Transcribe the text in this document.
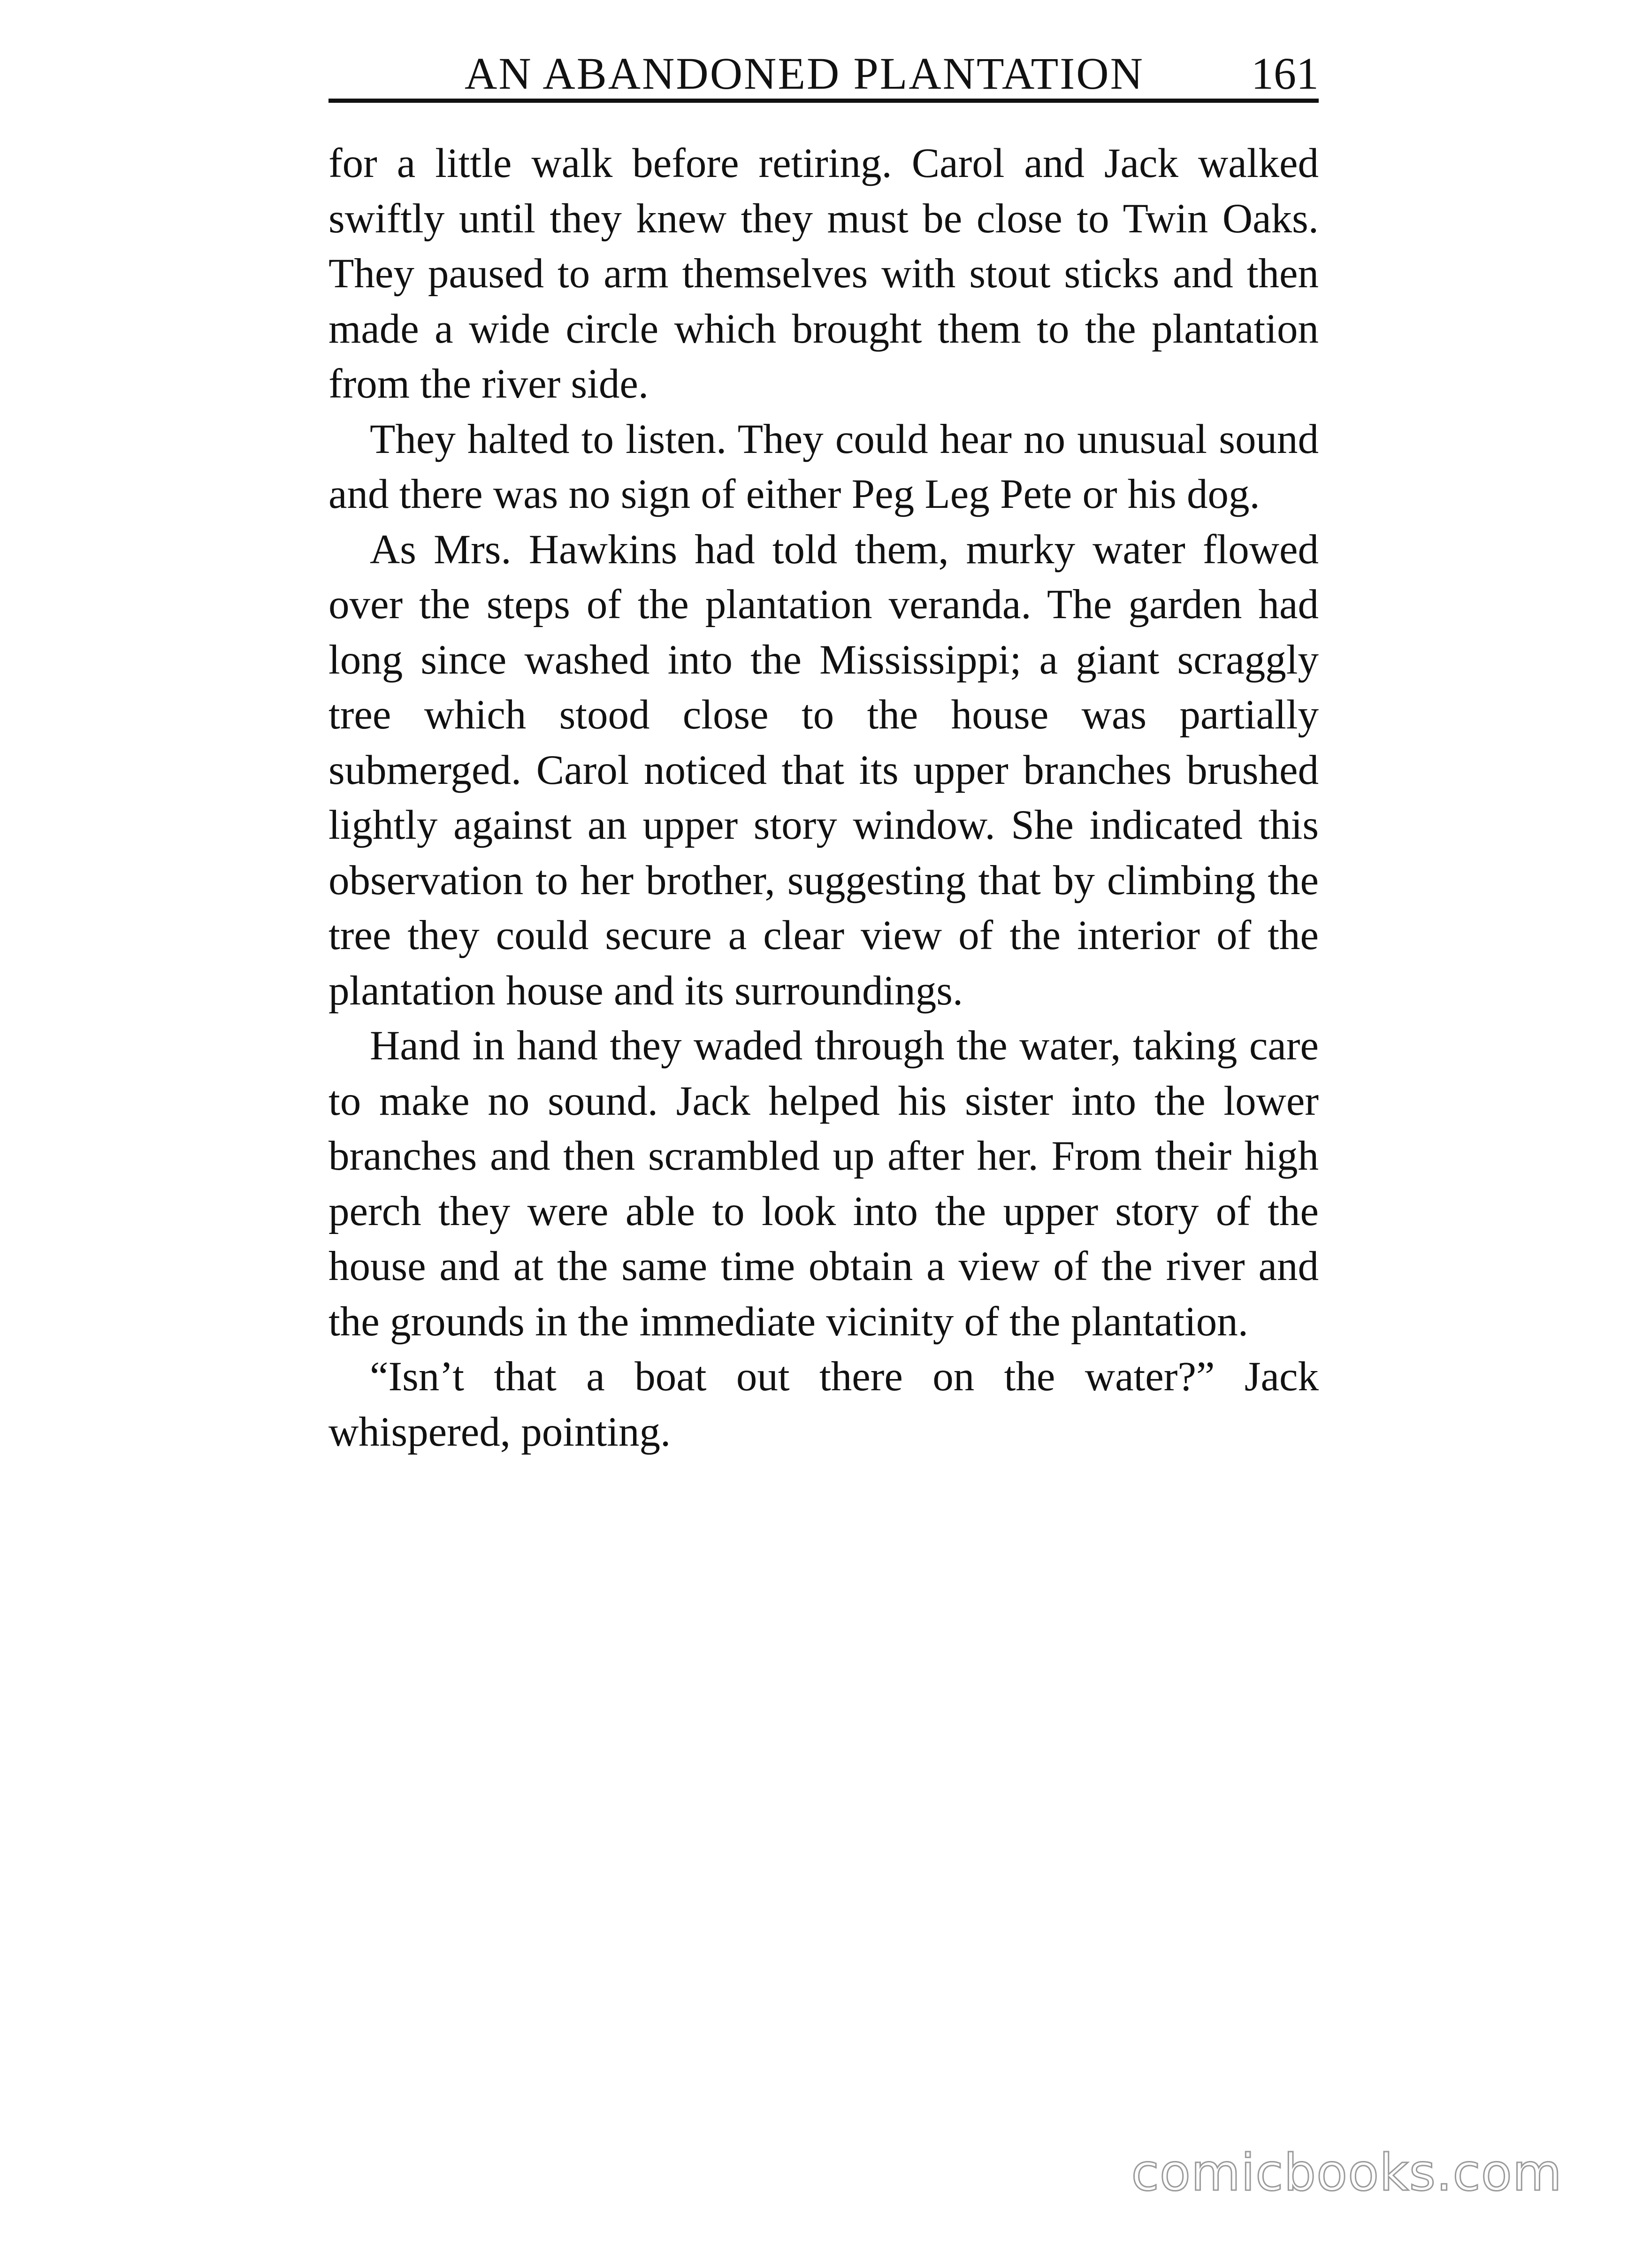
AN ABANDONED PLANTATION 161

for a little walk before retiring. Carol and Jack walked swiftly until they knew they must be close to Twin Oaks. They paused to arm themselves with stout sticks and then made a wide circle which brought them to the plantation from the river side.

They halted to listen. They could hear no unusual sound and there was no sign of either Peg Leg Pete or his dog.

As Mrs. Hawkins had told them, murky water flowed over the steps of the plantation veranda. The garden had long since washed into the Mississippi; a giant scraggly tree which stood close to the house was partially submerged. Carol noticed that its upper branches brushed lightly against an upper story window. She indicated this observation to her brother, suggesting that by climbing the tree they could secure a clear view of the interior of the plantation house and its surroundings.

Hand in hand they waded through the water, taking care to make no sound. Jack helped his sister into the lower branches and then scrambled up after her. From their high perch they were able to look into the upper story of the house and at the same time obtain a view of the river and the grounds in the immediate vicinity of the plantation.

“Isn’t that a boat out there on the water?” Jack whispered, pointing.

comicbooks.com
